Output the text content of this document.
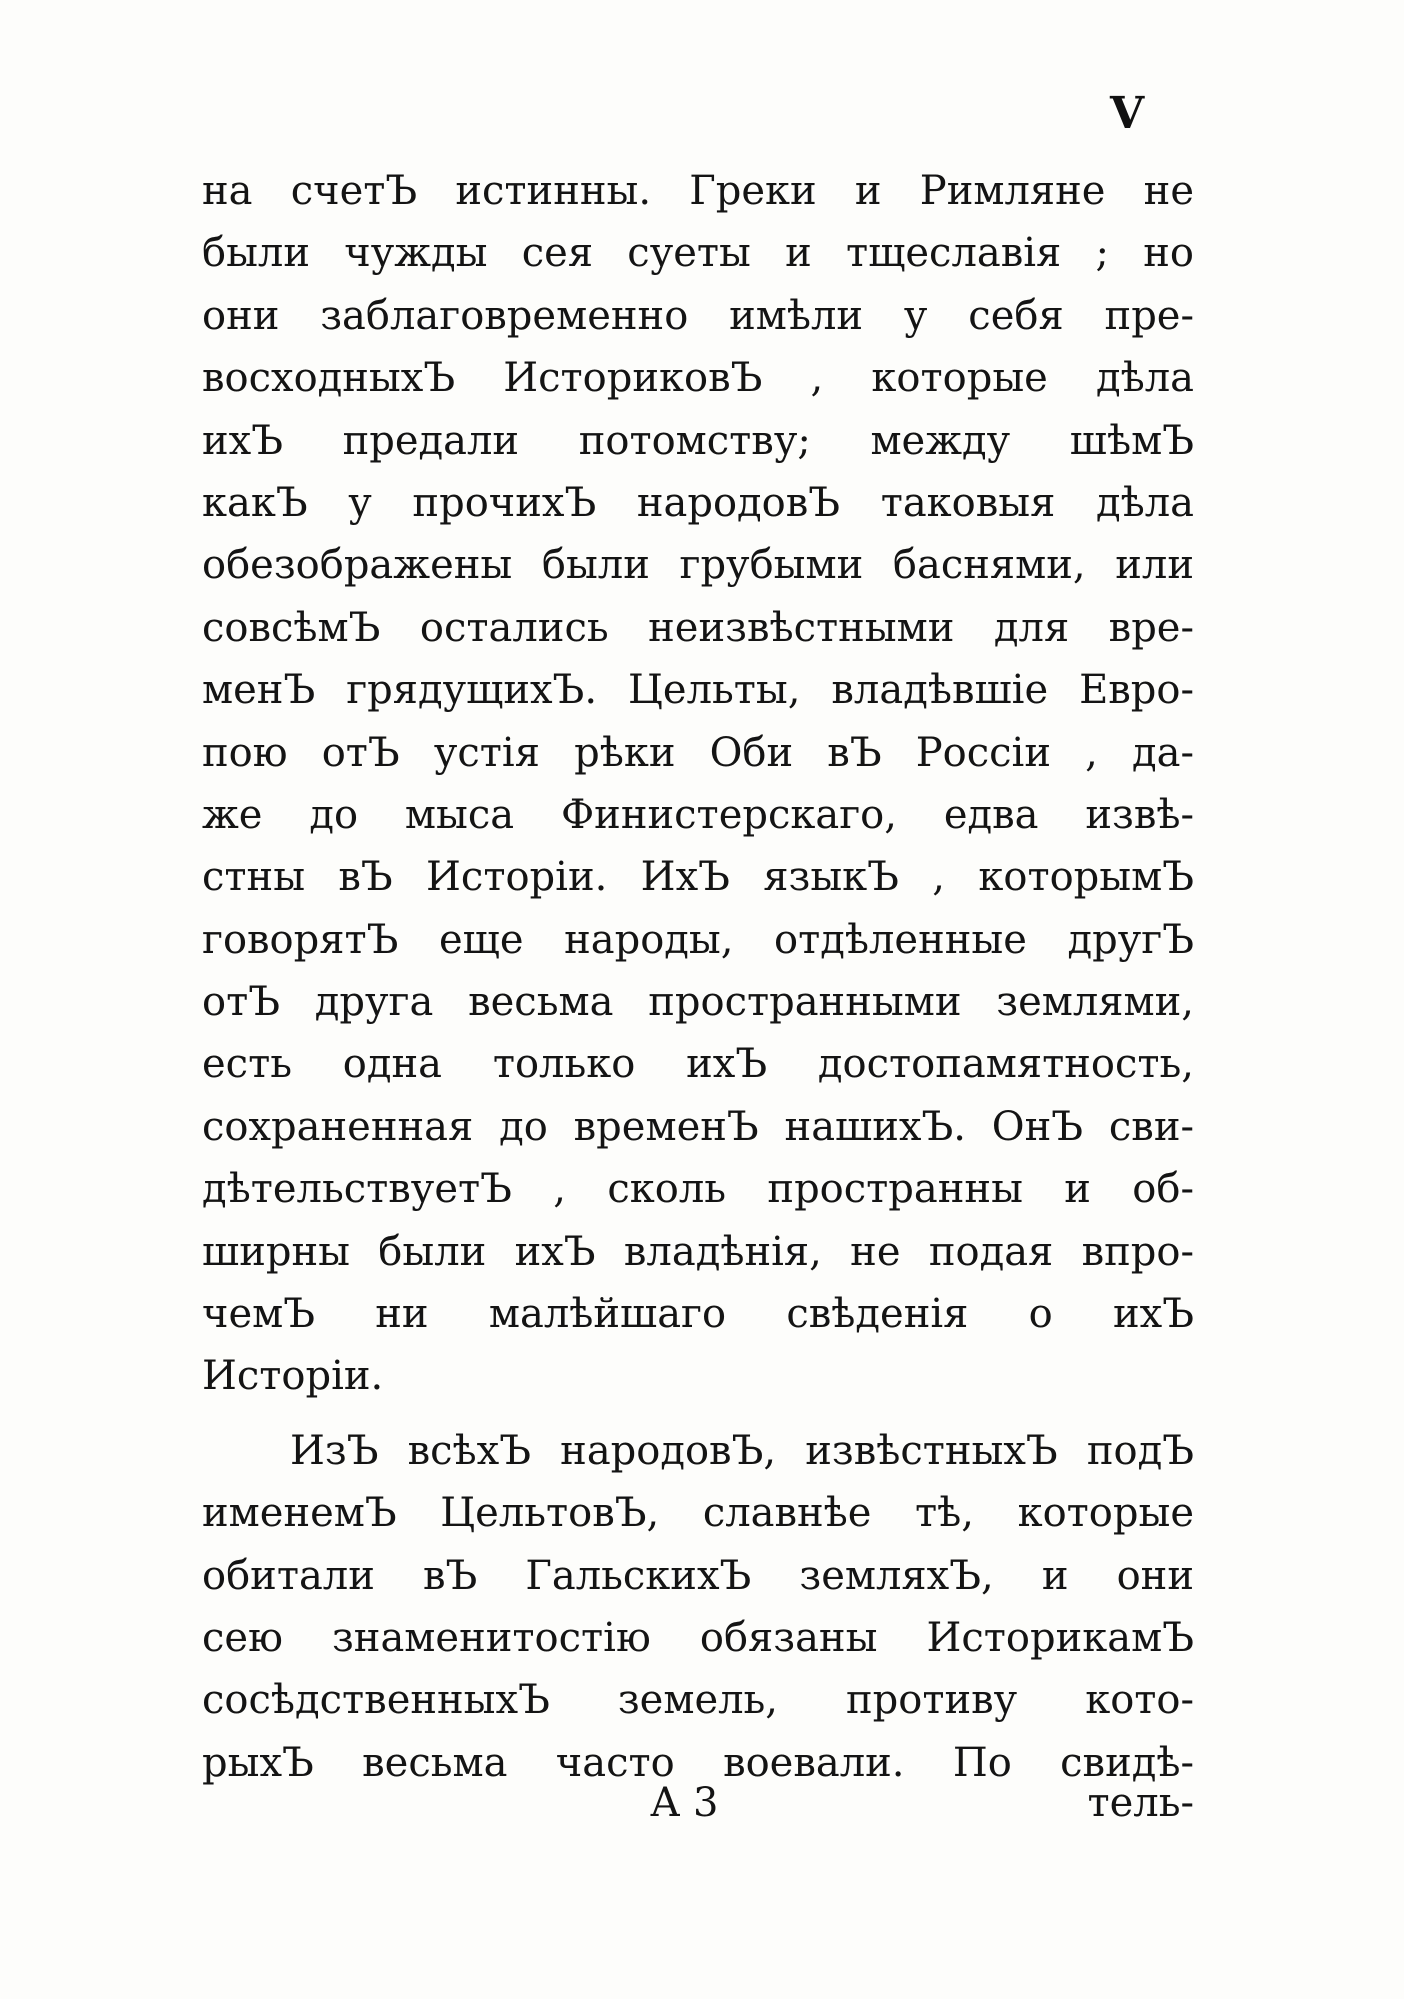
V
на счетЪ истинны. Греки и Римляне не
были чужды сея суеты и тщеславія ; но
они заблаговременно имѣли у себя пре-
восходныхЪ ИсториковЪ , которые дѣла
ихЪ предали потомству; между шѣмЪ
какЪ у прочихЪ народовЪ таковыя дѣла
обезображены были грубыми баснями, или
совсѣмЪ остались неизвѣстными для вре-
менЪ грядущихЪ. Цельты, владѣвшіе Евро-
пою отЪ устія рѣки Оби вЪ Россіи , да-
же до мыса Финистерскаго, едва извѣ-
стны вЪ Исторіи. ИхЪ языкЪ , которымЪ
говорятЪ еще народы, отдѣленные другЪ
отЪ друга весьма пространными землями,
есть одна только ихЪ достопамятность,
сохраненная до временЪ нашихЪ. ОнЪ сви-
дѣтельствуетЪ , сколь пространны и об-
ширны были ихЪ владѣнія, не подая впро-
чемЪ ни малѣйшаго свѣденія о ихЪ
Исторіи.
ИзЪ всѣхЪ народовЪ, извѣстныхЪ подЪ
именемЪ ЦельтовЪ, славнѣе тѣ, которые
обитали вЪ ГальскихЪ земляхЪ, и они
сею знаменитостію обязаны ИсторикамЪ
сосѣдственныхЪ земель, противу кото-
рыхЪ весьма часто воевали. По свидѣ-
А 3	тель-
